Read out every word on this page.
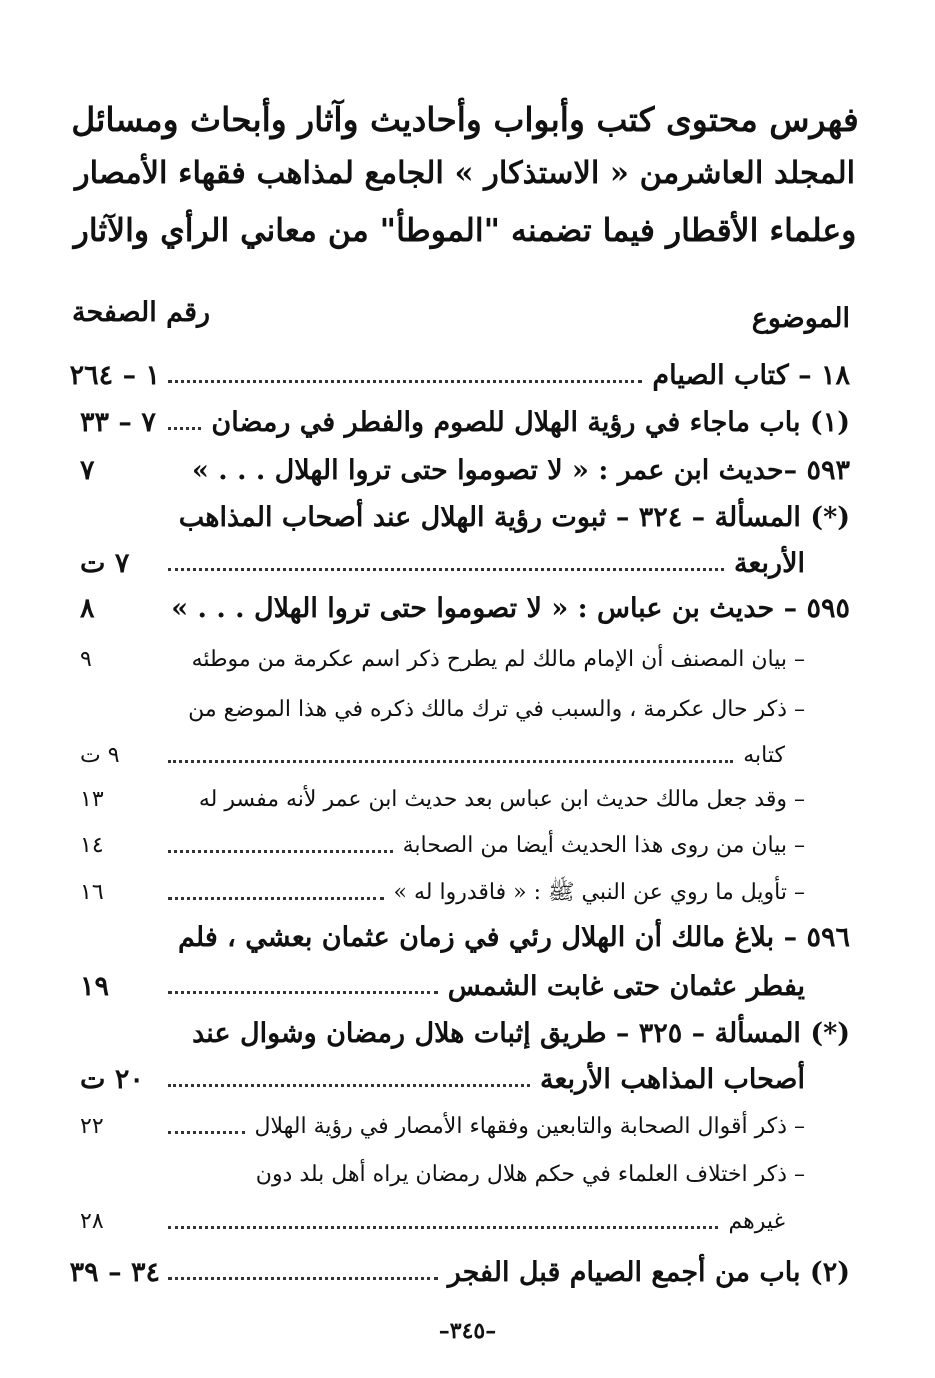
فهرس محتوى كتب وأبواب وأحاديث وآثار وأبحاث ومسائل
المجلد العاشرمن « الاستذكار » الجامع لمذاهب فقهاء الأمصار
وعلماء الأقطار فيما تضمنه "الموطأ" من معاني الرأي والآثار
الموضوع
رقم الصفحة
١٨ – كتاب الصيام
١ – ٢٦٤
(١) باب ماجاء في رؤية الهلال للصوم والفطر في رمضان
٧ – ٣٣
٥٩٣ –حديث ابن عمر : « لا تصوموا حتى تروا الهلال . . . »
٧
(*) المسألة – ٣٢٤ – ثبوت رؤية الهلال عند أصحاب المذاهب
الأربعة
٧ ت
٥٩٥ – حديث بن عباس : « لا تصوموا حتى تروا الهلال . . . »
٨
– بيان المصنف أن الإمام مالك لم يطرح ذكر اسم عكرمة من موطئه
٩
– ذكر حال عكرمة ، والسبب في ترك مالك ذكره في هذا الموضع من
كتابه
٩ ت
– وقد جعل مالك حديث ابن عباس بعد حديث ابن عمر لأنه مفسر له
١٣
– بيان من روى هذا الحديث أيضا من الصحابة
١٤
– تأويل ما روي عن النبي ﷺ : « فاقدروا له »
١٦
٥٩٦ – بلاغ مالك أن الهلال رئي في زمان عثمان بعشي ، فلم
يفطر عثمان حتى غابت الشمس
١٩
(*) المسألة – ٣٢٥ – طريق إثبات هلال رمضان وشوال عند
أصحاب المذاهب الأربعة
٢٠ ت
– ذكر أقوال الصحابة والتابعين وفقهاء الأمصار في رؤية الهلال
٢٢
– ذكر اختلاف العلماء في حكم هلال رمضان يراه أهل بلد دون
غيرهم
٢٨
(٢) باب من أجمع الصيام قبل الفجر
٣٤ – ٣٩
–٣٤٥–
